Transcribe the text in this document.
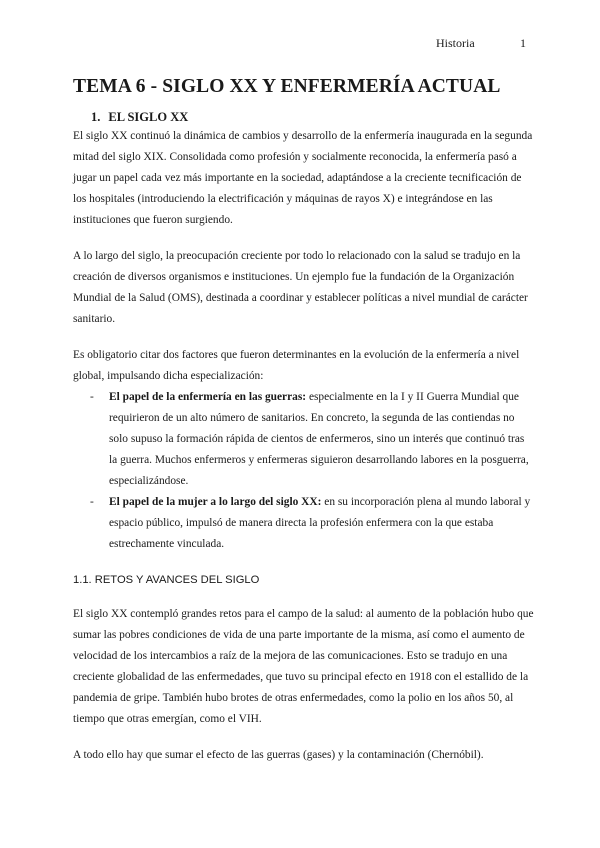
Historia	1
TEMA 6 - SIGLO XX Y ENFERMERÍA ACTUAL
1. EL SIGLO XX

El siglo XX continuó la dinámica de cambios y desarrollo de la enfermería inaugurada en la segunda mitad del siglo XIX. Consolidada como profesión y socialmente reconocida, la enfermería pasó a jugar un papel cada vez más importante en la sociedad, adaptándose a la creciente tecnificación de los hospitales (introduciendo la electrificación y máquinas de rayos X) e integrándose en las instituciones que fueron surgiendo.

A lo largo del siglo, la preocupación creciente por todo lo relacionado con la salud se tradujo en la creación de diversos organismos e instituciones. Un ejemplo fue la fundación de la Organización Mundial de la Salud (OMS), destinada a coordinar y establecer políticas a nivel mundial de carácter sanitario.

Es obligatorio citar dos factores que fueron determinantes en la evolución de la enfermería a nivel global, impulsando dicha especialización:

- El papel de la enfermería en las guerras: especialmente en la I y II Guerra Mundial que requirieron de un alto número de sanitarios. En concreto, la segunda de las contiendas no solo supuso la formación rápida de cientos de enfermeros, sino un interés que continuó tras la guerra. Muchos enfermeros y enfermeras siguieron desarrollando labores en la posguerra, especializándose.
- El papel de la mujer a lo largo del siglo XX: en su incorporación plena al mundo laboral y espacio público, impulsó de manera directa la profesión enfermera con la que estaba estrechamente vinculada.
1.1. RETOS Y AVANCES DEL SIGLO

El siglo XX contempló grandes retos para el campo de la salud: al aumento de la población hubo que sumar las pobres condiciones de vida de una parte importante de la misma, así como el aumento de velocidad de los intercambios a raíz de la mejora de las comunicaciones. Esto se tradujo en una creciente globalidad de las enfermedades, que tuvo su principal efecto en 1918 con el estallido de la pandemia de gripe. También hubo brotes de otras enfermedades, como la polio en los años 50, al tiempo que otras emergían, como el VIH.

A todo ello hay que sumar el efecto de las guerras (gases) y la contaminación (Chernóbil).
